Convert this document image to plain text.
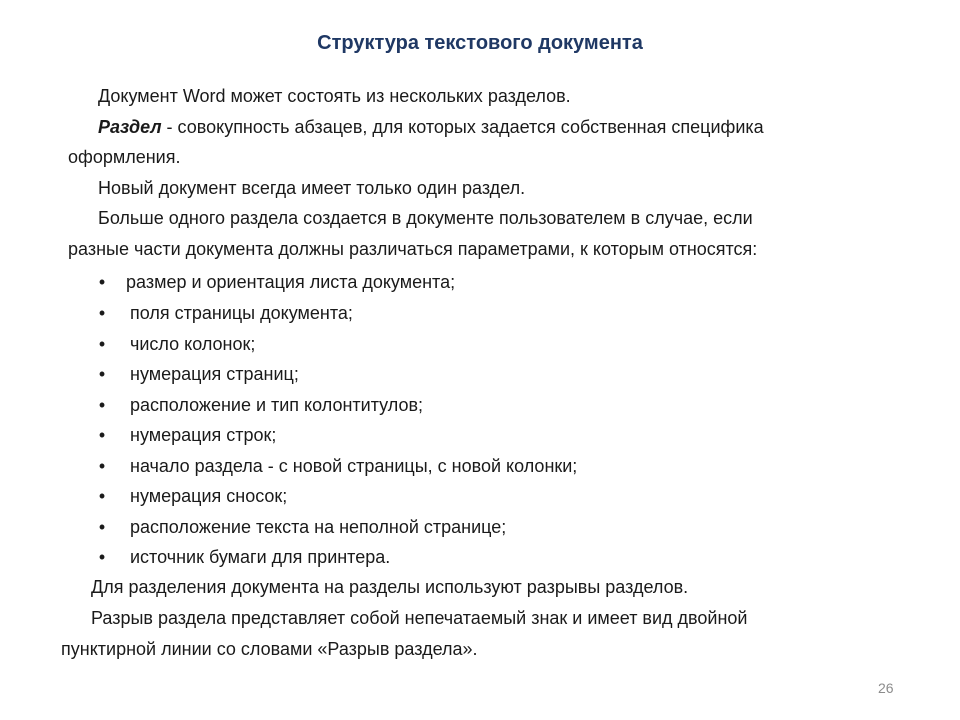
Структура текстового документа
Документ Word может состоять из нескольких разделов.
Раздел - совокупность абзацев, для которых задается собственная специфика
оформления.
Новый документ всегда имеет только один раздел.
Больше одного раздела создается в документе пользователем в случае, если
разные части документа должны различаться параметрами, к которым относятся:
• размер и ориентация листа документа;
• поля страницы документа;
• число колонок;
• нумерация страниц;
• расположение и тип колонтитулов;
• нумерация строк;
• начало раздела - с новой страницы, с новой колонки;
• нумерация сносок;
• расположение текста на неполной странице;
• источник бумаги для принтера.
Для разделения документа на разделы используют разрывы разделов.
Разрыв раздела представляет собой непечатаемый знак и имеет вид двойной
пунктирной линии со словами «Разрыв раздела».
26
